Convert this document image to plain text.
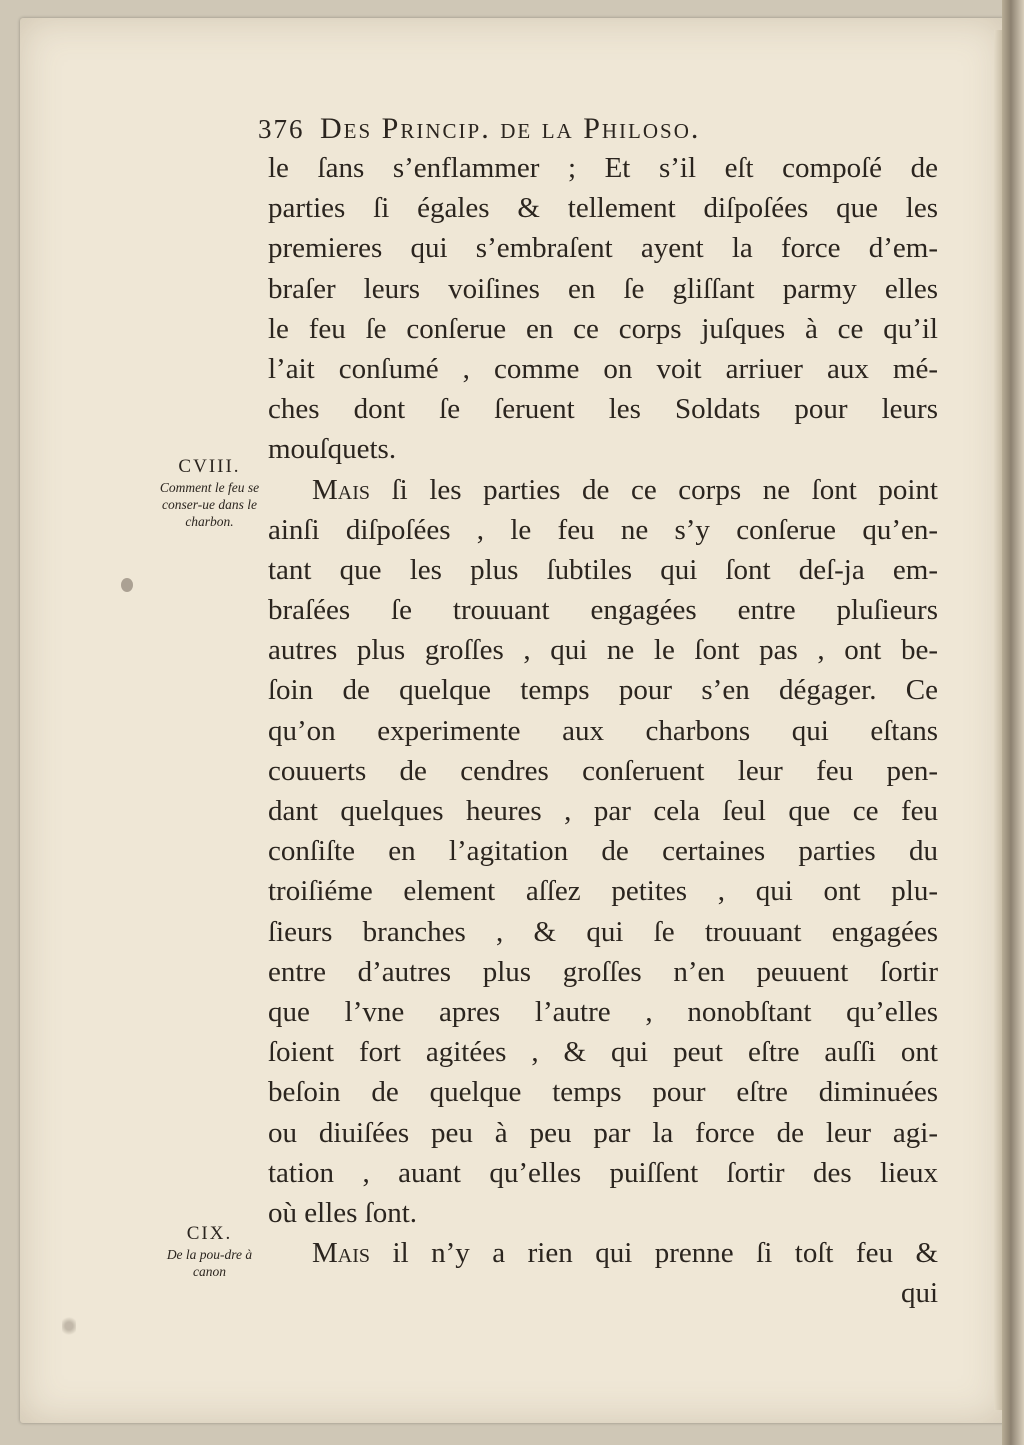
376 Des Princip. de la Philoso.
CVIII.
Comment le feu se conser-ue dans le charbon.
CIX.
De la pou-dre à canon
le ſans s’enflammer ; Et s’il eſt compoſé de
parties ſi égales & tellement diſpoſées que les
premieres qui s’embraſent ayent la force d’em-
braſer leurs voiſines en ſe gliſſant parmy elles
le feu ſe conſerue en ce corps juſques à ce qu’il
l’ait conſumé , comme on voit arriuer aux mé-
ches dont ſe ſeruent les Soldats pour leurs
mouſquets.
Mais ſi les parties de ce corps ne ſont point
ainſi diſpoſées , le feu ne s’y conſerue qu’en-
tant que les plus ſubtiles qui ſont deſ-ja em-
braſées ſe trouuant engagées entre pluſieurs
autres plus groſſes , qui ne le ſont pas , ont be-
ſoin de quelque temps pour s’en dégager. Ce
qu’on experimente aux charbons qui eſtans
couuerts de cendres conſeruent leur feu pen-
dant quelques heures , par cela ſeul que ce feu
conſiſte en l’agitation de certaines parties du
troiſiéme element aſſez petites , qui ont plu-
ſieurs branches , & qui ſe trouuant engagées
entre d’autres plus groſſes n’en peuuent ſortir
que l’vne apres l’autre , nonobſtant qu’elles
ſoient fort agitées , & qui peut eſtre auſſi ont
beſoin de quelque temps pour eſtre diminuées
ou diuiſées peu à peu par la force de leur agi-
tation , auant qu’elles puiſſent ſortir des lieux
où elles ſont.
Mais il n’y a rien qui prenne ſi toſt feu &
qui
